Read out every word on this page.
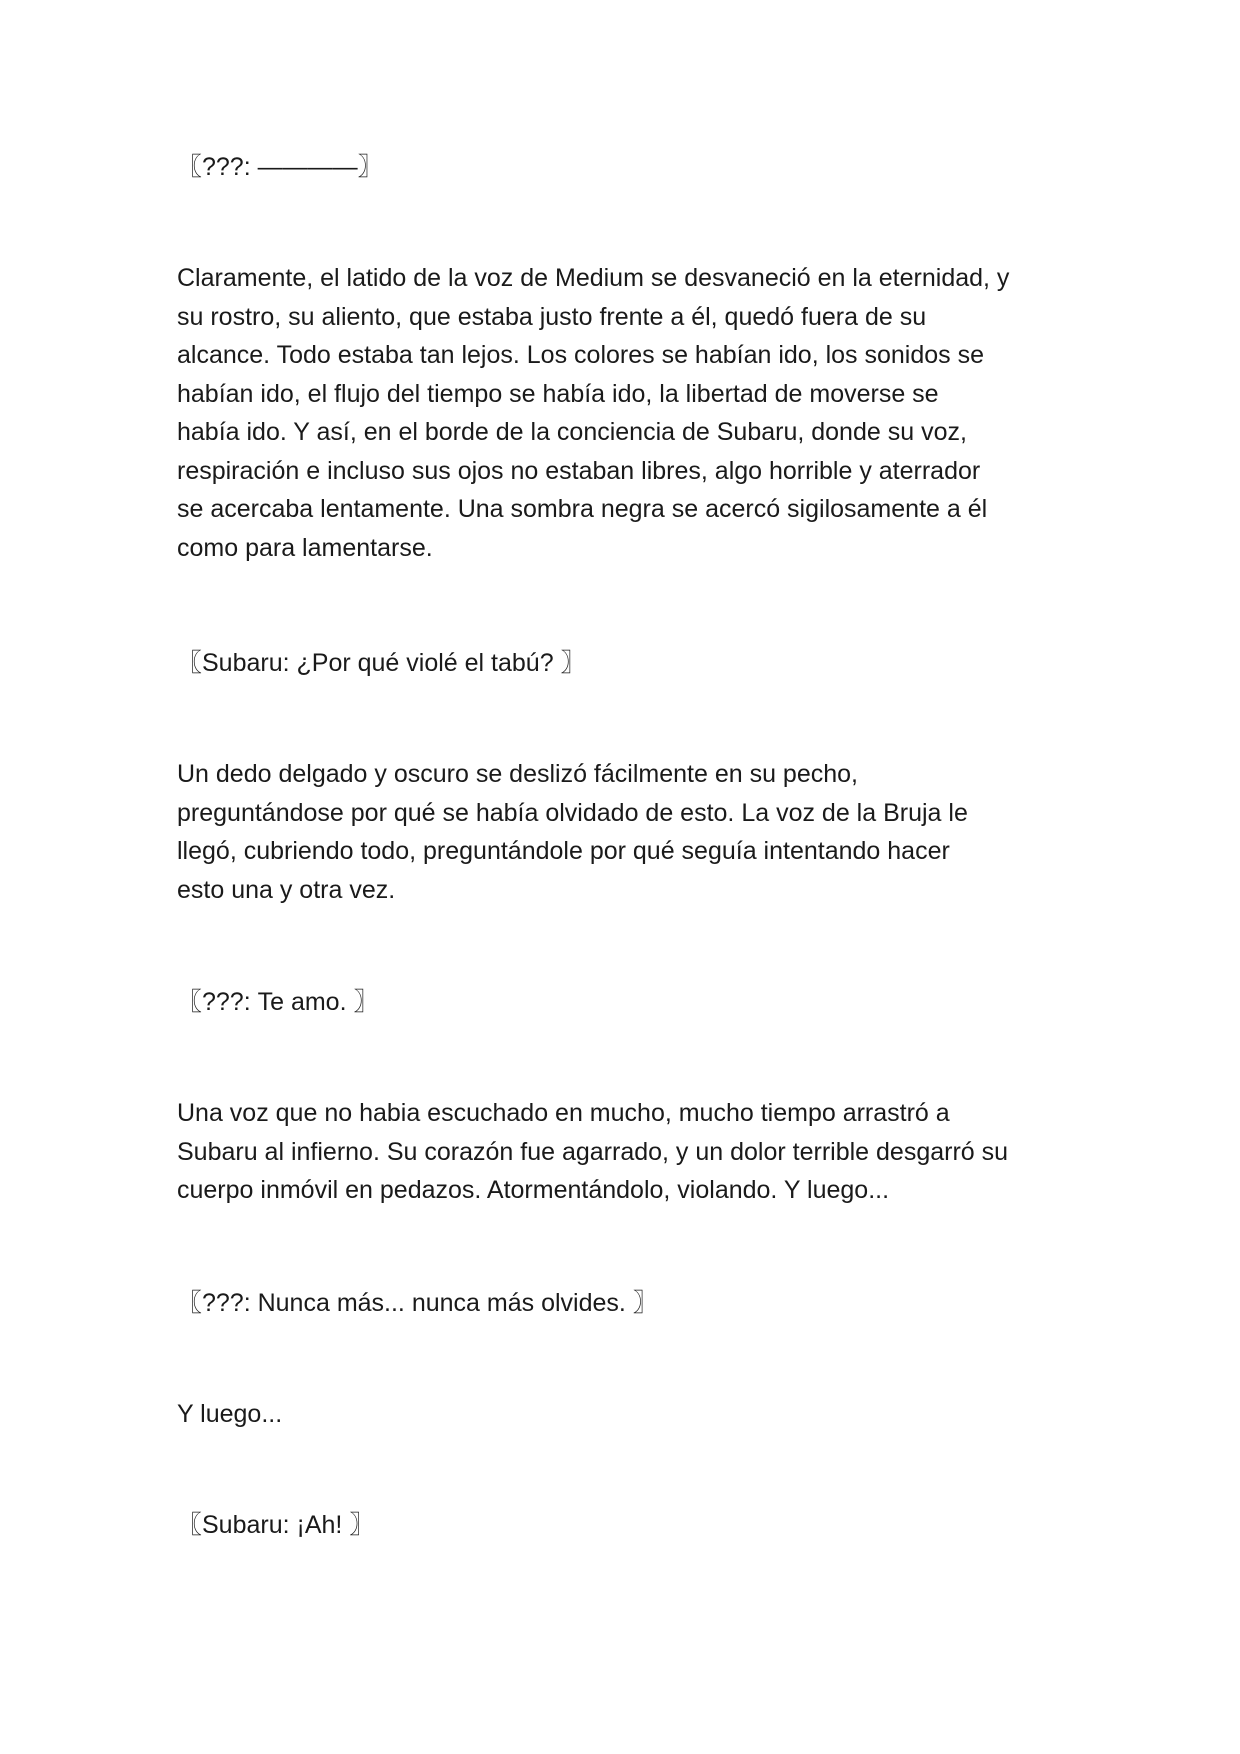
〖???: ————〗

Claramente, el latido de la voz de Medium se desvaneció en la eternidad, y
su rostro, su aliento, que estaba justo frente a él, quedó fuera de su
alcance. Todo estaba tan lejos. Los colores se habían ido, los sonidos se
habían ido, el flujo del tiempo se había ido, la libertad de moverse se
había ido. Y así, en el borde de la conciencia de Subaru, donde su voz,
respiración e incluso sus ojos no estaban libres, algo horrible y aterrador
se acercaba lentamente. Una sombra negra se acercó sigilosamente a él
como para lamentarse.

〖Subaru: ¿Por qué violé el tabú? 〗

Un dedo delgado y oscuro se deslizó fácilmente en su pecho,
preguntándose por qué se había olvidado de esto. La voz de la Bruja le
llegó, cubriendo todo, preguntándole por qué seguía intentando hacer
esto una y otra vez.

〖???: Te amo. 〗

Una voz que no habia escuchado en mucho, mucho tiempo arrastró a
Subaru al infierno. Su corazón fue agarrado, y un dolor terrible desgarró su
cuerpo inmóvil en pedazos. Atormentándolo, violando. Y luego...

〖???: Nunca más... nunca más olvides. 〗

Y luego...

〖Subaru: ¡Ah! 〗
